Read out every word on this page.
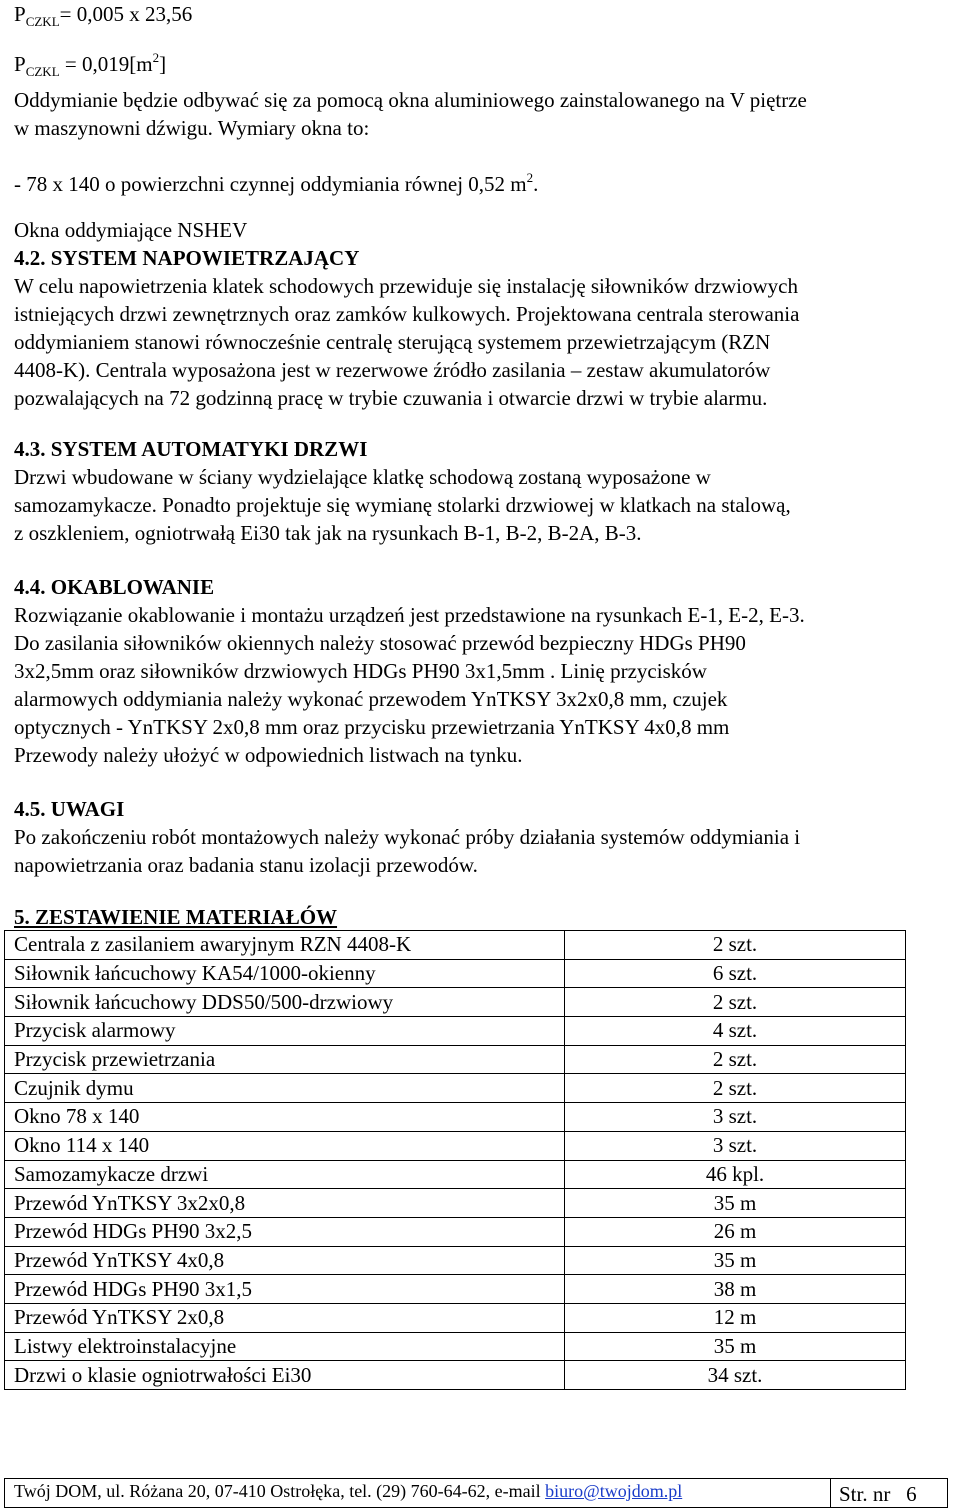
$P_{CZKL}= 0,005$ x 23,56

$P_{CZKL} = 0,019[m^2]$

Oddymianie będzie odbywać się za pomocą okna aluminiowego zainstalowanego na V piętrze

w maszynowni dźwigu. Wymiary okna to:

- 78 x 140 o powierzchni czynnej oddymiania równej 0,52 $m^2$.

Okna oddymiające NSHEV

4.2. SYSTEM NAPOWIETRZAJĄCY

W celu napowietrzenia klatek schodowych przewiduje się instalację siłowników drzwiowych

istniejących drzwi zewnętrznych oraz zamków kulkowych. Projektowana centrala sterowania

oddymianiem stanowi równocześnie centralę sterującą systemem przewietrzającym (RZN

4408-K). Centrala wyposażona jest w rezerwowe źródło zasilania – zestaw akumulatorów

pozwalających na 72 godzinną pracę w trybie czuwania i otwarcie drzwi w trybie alarmu.

4.3. SYSTEM AUTOMATYKI DRZWI

Drzwi wbudowane w ściany wydzielające klatkę schodową zostaną wyposażone w

samozamykacze. Ponadto projektuje się wymianę stolarki drzwiowej w klatkach na stalową,

z oszkleniem, ogniotrwałą Ei30 tak jak na rysunkach B-1, B-2, B-2A, B-3.

4.4. OKABLOWANIE

Rozwiązanie okablowanie i montażu urządzeń jest przedstawione na rysunkach E-1, E-2, E-3.

Do zasilania siłowników okiennych należy stosować przewód bezpieczny HDGs PH90

3x2,5mm oraz siłowników drzwiowych HDGs PH90 3x1,5mm . Linię przycisków

alarmowych oddymiania należy wykonać przewodem YnTKSY 3x2x0,8 mm, czujek

optycznych - YnTKSY 2x0,8 mm oraz przycisku przewietrzania YnTKSY 4x0,8 mm

Przewody należy ułożyć w odpowiednich listwach na tynku.

4.5. UWAGI

Po zakończeniu robót montażowych należy wykonać próby działania systemów oddymiania i

napowietrzania oraz badania stanu izolacji przewodów.

5. ZESTAWIENIE MATERIAŁÓW

Centrala z zasilaniem awaryjnym RZN 4408-K	2 szt.
Siłownik łańcuchowy KA54/1000-okienny	6 szt.
Siłownik łańcuchowy DDS50/500-drzwiowy	2 szt.
Przycisk alarmowy	4 szt.
Przycisk przewietrzania	2 szt.
Czujnik dymu	2 szt.
Okno 78 x 140	3 szt.
Okno 114 x 140	3 szt.
Samozamykacze drzwi	46 kpl.
Przewód YnTKSY 3x2x0,8	35 m
Przewód HDGs PH90 3x2,5	26 m
Przewód YnTKSY 4x0,8	35 m
Przewód HDGs PH90 3x1,5	38 m
Przewód YnTKSY 2x0,8	12 m
Listwy elektroinstalacyjne	35 m
Drzwi o klasie ogniotrwałości Ei30	34 szt.
Twój DOM, ul. Różana 20, 07-410 Ostrołęka, tel. (29) 760-64-62, e-mail biuro@twojdom.pl	Str. nr 6
